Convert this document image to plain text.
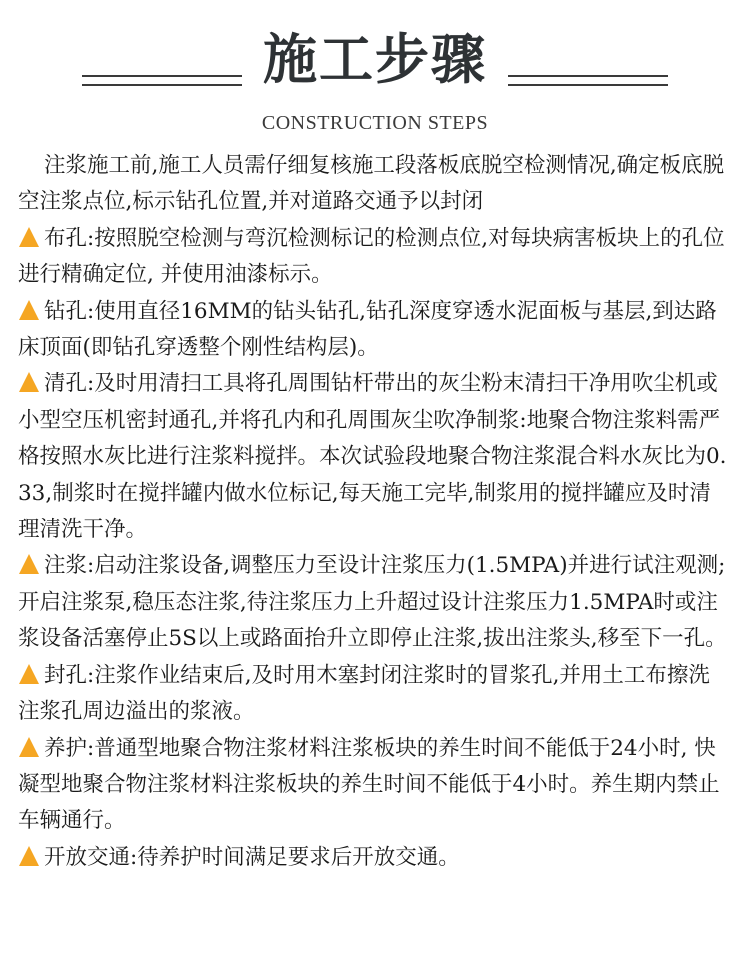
施工步骤
CONSTRUCTION STEPS

注浆施工前,施工人员需仔细复核施工段落板底脱空检测情况,确定板底脱空注浆点位,标示钻孔位置,并对道路交通予以封闭

布孔:按照脱空检测与弯沉检测标记的检测点位,对每块病害板块上的孔位进行精确定位, 并使用油漆标示。

钻孔:使用直径16MM的钻头钻孔,钻孔深度穿透水泥面板与基层,到达路床顶面(即钻孔穿透整个刚性结构层)。

清孔:及时用清扫工具将孔周围钻杆带出的灰尘粉末清扫干净用吹尘机或小型空压机密封通孔,并将孔内和孔周围灰尘吹净制浆:地聚合物注浆料需严格按照水灰比进行注浆料搅拌。本次试验段地聚合物注浆混合料水灰比为0.33,制浆时在搅拌罐内做水位标记,每天施工完毕,制浆用的搅拌罐应及时清理清洗干净。

注浆:启动注浆设备,调整压力至设计注浆压力(1.5MPA)并进行试注观测;开启注浆泵,稳压态注浆,待注浆压力上升超过设计注浆压力1.5MPA时或注浆设备活塞停止5S以上或路面抬升立即停止注浆,拔出注浆头,移至下一孔。

封孔:注浆作业结束后,及时用木塞封闭注浆时的冒浆孔,并用土工布擦洗注浆孔周边溢出的浆液。

养护:普通型地聚合物注浆材料注浆板块的养生时间不能低于24小时, 快凝型地聚合物注浆材料注浆板块的养生时间不能低于4小时。养生期内禁止车辆通行。

开放交通:待养护时间满足要求后开放交通。
